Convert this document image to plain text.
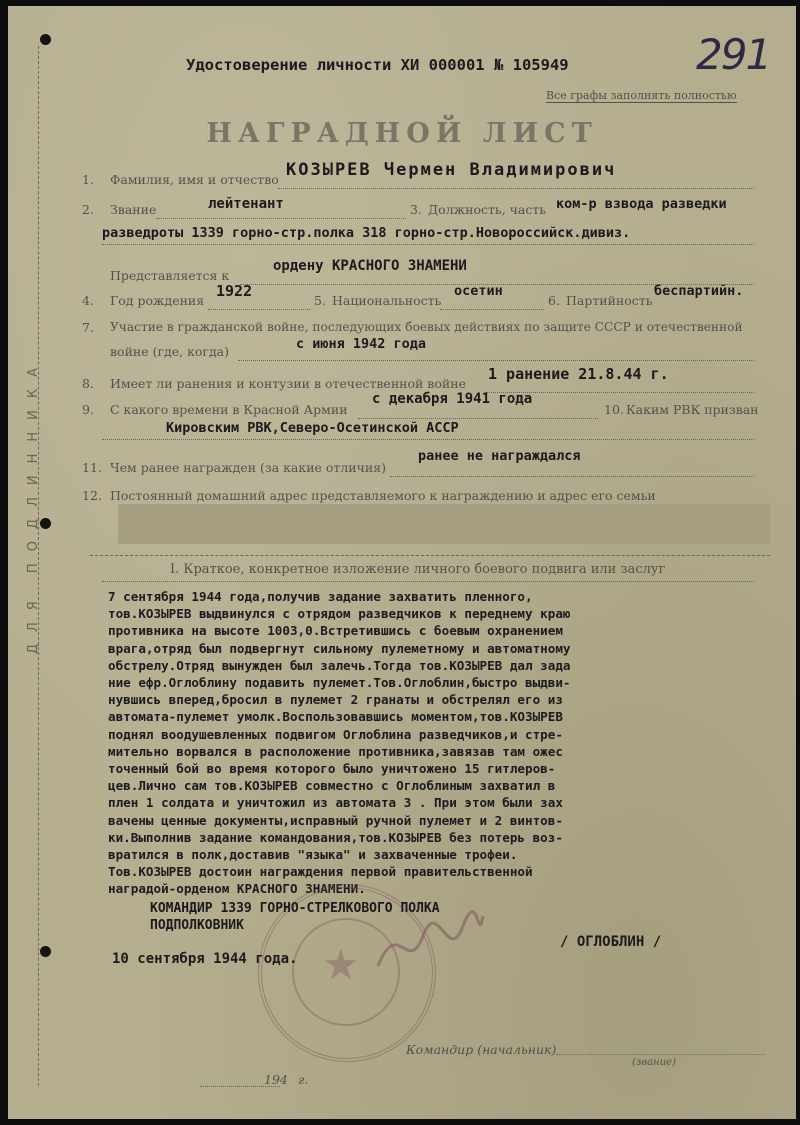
ДЛЯ ПОДЛИННИКА
Удостоверение личности ХИ 000001 № 105949
Все графы заполнять полностью
291
НАГРАДНОЙ ЛИСТ
1. Фамилия, имя и отчество КОЗЫРЕВ Чермен Владимирович
2. Звание	лейтенант	3. Должность, часть ком-р взвода разведки
разведроты 1339 горно-стр.полка 318 горно-стр.Новороссийск.дивиз.
Представляется к
ордену КРАСНОГО ЗНАМЕНИ
4. Год рождения
1922
5. Национальность
осетин
6. Партийность
беспартийн.
7. Участие в гражданской войне, последующих боевых действиях по защите СССР и отечественной
войне (где, когда)	с июня 1942 года
8. Имеет ли ранения и контузии в отечественной войне
1 ранение 21.8.44 г.
9. С какого времени в Красной Армии
с декабря 1941 года
10. Каким РВК призван
Кировским РВК,Северо-Осетинской АССР
11. Чем ранее награжден (за какие отличия)
ранее не награждался
12. Постоянный домашний адрес представляемого к награждению и адрес его семьи
I. Краткое, конкретное изложение личного боевого подвига или заслуг

7 сентября 1944 года,получив задание захватить пленного,

тов.КОЗЫРЕВ выдвинулся с отрядом разведчиков к переднему краю

противника на высоте 1003,0.Встретившись с боевым охранением

врага,отряд был подвергнут сильному пулеметному и автоматному

обстрелу.Отряд вынужден был залечь.Тогда тов.КОЗЫРЕВ дал зада

ние ефр.Оглоблину подавить пулемет.Тов.Оглоблин,быстро выдви-

нувшись вперед,бросил в пулемет 2 гранаты и обстрелял его из

автомата-пулемет умолк.Воспользовавшись моментом,тов.КОЗЫРЕВ

поднял воодушевленных подвигом Оглоблина разведчиков,и стре-

мительно ворвался в расположение противника,завязав там ожес

точенный бой во время которого было уничтожено 15 гитлеров-

цев.Лично сам тов.КОЗЫРЕВ совместно с Оглоблиным захватил в

плен 1 солдата и уничтожил из автомата 3 . При этом были зах

вачены ценные документы,исправный ручной пулемет и 2 винтов-

ки.Выполнив задание командования,тов.КОЗЫРЕВ без потерь воз-

вратился в полк,доставив "языка" и захваченные трофеи.

Тов.КОЗЫРЕВ достоин награждения первой правительственной

наградой-орденом КРАСНОГО ЗНАМЕНИ.

★
КОМАНДИР 1339 ГОРНО-СТРЕЛКОВОГО ПОЛКА
ПОДПОЛКОВНИК
/ ОГЛОБЛИН /
10 сентября 1944 года.
Командир (начальник)
(звание)
194 г.
